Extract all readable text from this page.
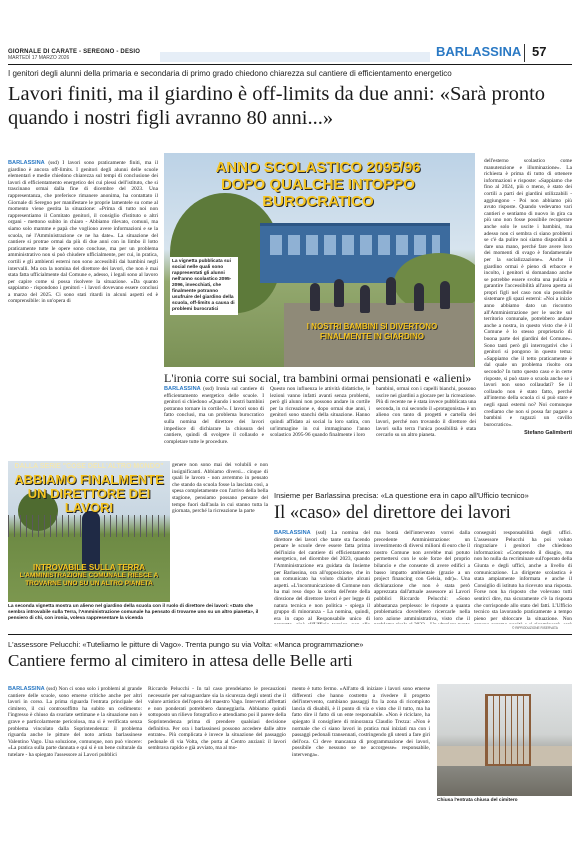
GIORNALE DI CARATE - SEREGNO - DESIO
MARTEDÌ 17 MARZO 2026	BARLASSINA 57
I genitori degli alunni della primaria e secondaria di primo grado chiedono chiarezza sul cantiere di efficientamento energetico
Lavori finiti, ma il giardino è off-limits da due anni: «Sarà pronto quando i nostri figli avranno 80 anni...»
BARLASSINA (ssd) I lavori sono praticamente finiti, ma il giardino è ancora off-limits. I genitori degli alunni delle scuole elementari e medie chiedono chiarezza sul tempi di conclusione dei lavori di efficientamento energetico dei cui plessi dell'istituto, che si trascinano ormai dalla fine di dicembre del 2023. Una rappresentanza, che preferisce rimanere anonima, ha contattato il Giornale di Seregno per manifestare le proprie lamentele su come al momento viene gestita la situazione: «Prima di tutto noi non rappresentiamo il Comitato genitori, il consiglio d'istituto o altri organi - mettono subito in chiaro - Abbiamo rilevato, comuni, ma siamo solo mamme e papà che vogliono avere informazioni e se la scuola, né l'Amministrazione ce ne ha date». La situazione del cantiere si protrae ormai da più di due anni con in limbo il lotto praticamente tutte le opere sono concluse, ma per un problema amministrativo non si può chiudere ufficialmente, per cui, in pratica, cortili e gli ambienti esterni non sono accessibili dai bambini negli intervalli. Ma ora la nomina del direttore dei lavori, che non è mai stata fatta ufficialmente dal Comune e, adesso, i legali sono al lavoro per capire come si possa risolvere la situazione. «Da quanto sappiamo - rispondono i genitori - i lavori dovevano essere conclusi a marzo del 2025. Ci sono stati ritardi in alcuni aspetti ed è comprensibile: in un'opera di
dell'esterno scolastico come manutenzione e illuminazione». La richiesta è prima di tutto di ottenere informazioni e risposte: «Sappiamo che fino al 2024, più o meno, è stato dei cortili a parti dei giardini utilizzabili - aggiungono - Poi non abbiamo più avuto risposte. Quando vedevamo vari cantieri e sentiamo di nuovo in gira ca più uno non fosse possibile recuperare anche solo le uscite i bambini, ma adesso non ci sembra ci siano problemi se c'è da pulire noi siamo disponibili a dare una mano, perché fare avere loro dei momenti di svago è fondamentale per la socializzazione». Anche il giardino ormai è pieno di erbacce e incolto, i genitori si domandano anche se potrebbe essere svolta una pulizia e garantire l'accessibilità all'area aperta ai propri figli nel caso non sia possibile sistemare gli spazi esterni: «Noi a inizio anno abbiamo dato un riscontro all'Amministrazione per le uscite sul territorio comunale, potrebbero andare anche a nostra, in questo visto che è il Comune è lo stesso proprietario di buona parte dei giardini del Comune». Sono tanti però gli interrogativi che i genitori si pongono in questo tema: «Sappiamo che il tetto praticamente è dal quale un problema risolto ora secondo? In tutto questo caso e in certe risposte, si può stare o scuola anche se i lavori non sono collaudati? Se il collaudo non è stato fatto, perché all'interno della scuola ci si può stare e negli spazi esterni no? Noi comunque crediamo che non si possa far pagare a bambini e ragazzi un cavillo burocratico».
Stefano Galimberti
ANNO SCOLASTICO 2095/96
DOPO QUALCHE INTOPPO
BUROCRATICO
I NOSTRI BAMBINI SI DIVERTONO
FINALMENTE IN GIARDINO
La vignetta pubblicata sui social nelle quali sono rappresentati gli alunni nell'anno scolastico 2095-2096, invecchiati, che finalmente potranno usufruire del giardino della scuola, off-limits a causa di problemi burocratici
L'ironia corre sui social, tra bambini ormai pensionati e «alieni»
BARLASSINA (ssd) Ironia sul cantiere di efficientamento energetico delle scuole. I genitori si chiedono «Quando i nostri bambini potranno tornare in cortile?». I lavori sono di fatto conclusi, ma un problema burocratico sulla nomina del direttore dei lavori impedisce di dichiarare la chiusura del cantiere, quindi di svolgere il collaudo e completare tutte le procedure.
Questo non influenza le attività didattiche, le lezioni vanno infatti avanti senza problemi, però gli alunni non possono andare in cortile per la ricreazione e, dopo ormai due anni, i genitori sono stanchi della situazione. Hanno quindi affidato ai social la loro satira, con un'immagine in cui immaginano l'anno scolastico 2095-96 quando finalmente i loro
bambini, ormai con i capelli bianchi, possono uscire nei giardini a giocare per la ricreazione. Più di recente ne è stata invece pubblicata una seconda, in cui secondo il «protagonista» è un alieno con tanto di progetti e cartella dei lavori, perché non trovando il direttore dei lavori sulla terra l'unica possibilità è stata cercarlo su un altro pianeta.
DALLA SERIE "COSE DELL'ALTRO MONDO"
ABBIAMO FINALMENTE UN DIRETTORE DEI LAVORI
INTROVABILE SULLA TERRA
L'AMMINISTRAZIONE COMUNALE RIESCE A TROVARNE UNO SU UN ALTRO PIANETA
genere non sono mai dei volubili e non insignificanti. Abbiamo diversi... cinque di quali le lavoro - non avremmo in pensato che stando da scuola fosse la lasciata così, a spesa completamente con l'arrivo della bella stagione, pensiamo possano pensare del tempo fuori dall'aula in cui stanno tutta la giornata, perché la ricreazione la parte
La seconda vignetta mostra un alieno nel giardino della scuola con il ruolo di direttore dei lavori: «Dato che sembra introvabile sulla Terra, l'Amministrazione comunale ha pensato di trovarne uno su un altro pianeta», il pensiero di chi, con ironia, voleva rappresentare la vicenda
Insieme per Barlassina precisa: «La questione era in capo all'Ufficio tecnico»
Il «caso» del direttore dei lavori
BARLASSINA (ssd) La nomina del direttore dei lavori che tante sta facendo penare le scuole deve essere fatta prima dell'inizio del cantiere di efficientamento energetico, nel dicembre del 2023, quando l'Amministrazione era guidata da Insieme per Barlassina, ora all'opposizione, che in un comunicato ha voluto chiarire alcuni aspetti. «L'incomunicazione di Comune non ha mai reso dopo la scelta dell'ente della direzione del direttore lavori è per legge di natura tecnica e non politica - spiega il gruppo di minoranza - La nomina, quindi, era in capo al Responsabile unico di
ma bontà dell'intervento vorrei dalla precedente Amministrazione: un investimento di diversi milioni di euro che il nostro Comune non avrebbe mai potuto permettersi con le sole forze del proprio bilancio e che consente di avere edifici a basso impatto ambientale (grazie a un project financing con Gelsia, ndr)». Una dichiarazione che non è stata però apprezzata dall'attuale assessore ai Lavori pubblici Riccardo Pelucchi: «Sono abbastanza perplesso: le risposte a quanta problematica dovrebbero ricercarle nella loro azione amministrativa, visto che il
conseguiti responsabilità degli uffici. L'assessore Pelucchi ha poi voluto ringraziare i genitori che chiedono informazioni: «Comprendo il disagio, ma non ho nulla da recriminare sull'operato della Giunta e degli uffici, anche a livello di comunicazione. La dirigente scolastica è stata ampiamente informata e anche il Consiglio di istituto ha ricevuto una risposta. Forse non ha risposto che volevano tutti sentirci dire, ma sicuramente c'è la risposta che corrisponde allo stato del fatti. L'Ufficio tecnico sta lavorando praticamente a tempo pieno per sbloccare la situazione. Non
© RIPRODUZIONE RISERVATA
L'assessore Pelucchi: «Tuteliamo le pitture di Vago». Trenta pungo su via Volta: «Manca programmazione»
Cantiere fermo al cimitero in attesa delle Belle arti
BARLASSINA (ssd) Non ci sono solo i problemi al grande cantiere delle scuole, sono emerse critiche anche per altri lavori in corso. La prima riguarda l'entrata principale del cimitero, il cui controsoffitto ha subito un cedimento: l'ingresso è chiuso da svariate settimane e la situazione non è grave e particolarmente pericolosa, ma si è verificata senza problema vincolato dalla Soprintendenza: il problema riguarda anche le pitture del noto artista barlassinese Valentino Vago. Una soluzione, comunque, non può vincere: «La pratica sulla parte dannata e qui si è un bene culturale da tutelare - ha spiegato l'assessore ai Lavori pubblici
Riccardo Pelucchi - In tal caso prendeiamo le precauzioni necessarie per salvaguardare sia la sicurezza degli utenti che il valore artistico dell'opera del maestro Vago. Interventi affrettati e non ponderati potrebbero danneggiarla. Abbiamo quindi sottoposto un rilievo fotografico e attendiamo poi il parere della Soprintendenza prima di prendere qualsiasi decisione definitiva. Per ora i barlassinesi possono accedere dalle altre entrate». Più complicata è invece la situazione del passaggio pedonale di via Volta, che porta al Centro anziani: il lavori sembrava rapido e già avviato, ma al mo-
mento è tutto fermo. «All'atto di iniziare i lavori sono emerse differenti che hanno costretto a rivedere il progetto dell'intervento, cambiano passaggi fra la zona di ricompiuto lancia di disabili, è il punto di via e visto che il tutto, ma ha fatto dire il fatto di un ente responsabile. «Non è riciclare, ha spiegato il consigliere di minoranza Claudio Trezza: «Non è normale che ci siano lavori in pratica mai iniziati ma con i passaggi pedonali transennati, costringendo gli utenti a fare giri dell'oca. Ci deve mancanza di programmazione dei lavori, possibile che nessuno se ne accorgesse» responsabile, intervenga».
Chiusa l'entrata chiusa del cimitero
